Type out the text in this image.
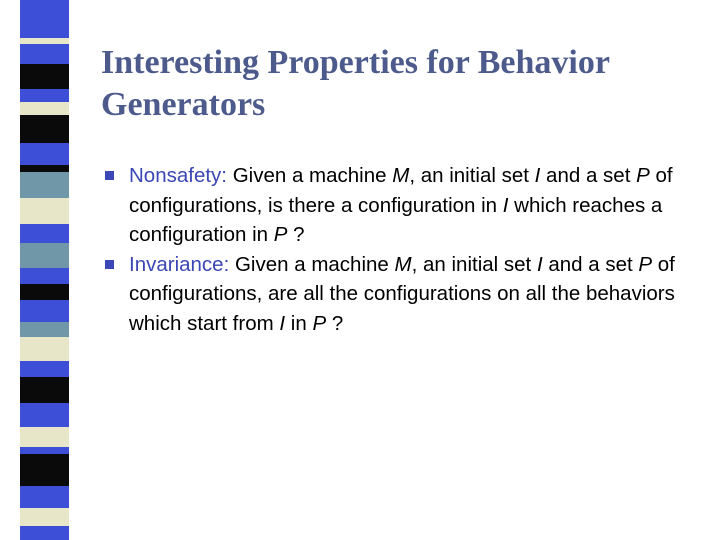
Interesting Properties for Behavior
Generators
Nonsafety: Given a machine M, an initial set I and a set P of configurations, is there a configuration in I which reaches a configuration in P ?
Invariance: Given a machine M, an initial set I and a set P of configurations, are all the configurations on all the behaviors which start from I in P ?
